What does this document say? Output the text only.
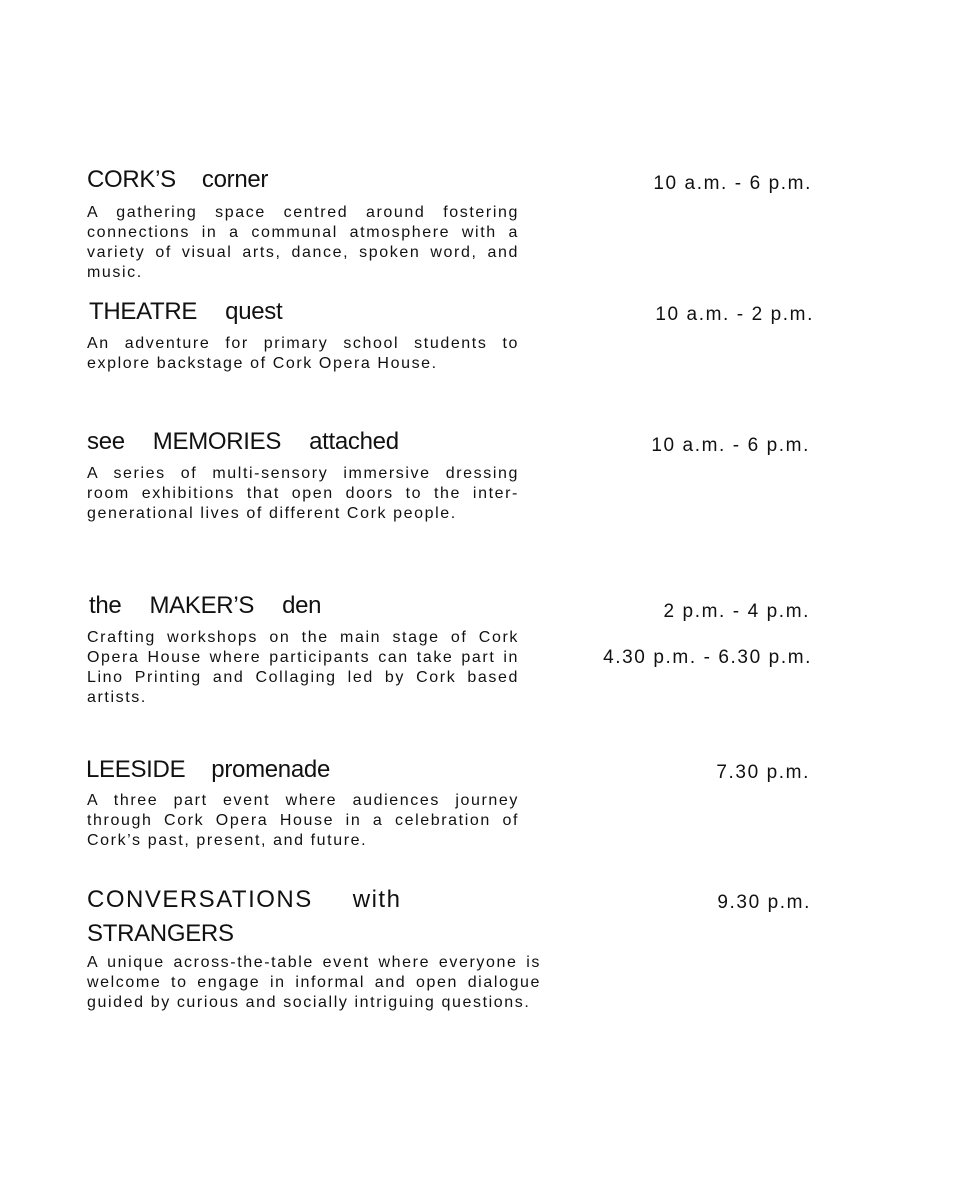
CORK’S corner

A gathering space centred around fostering connections in a communal atmosphere with a variety of visual arts, dance, spoken word, and music.

10 a.m. - 6 p.m.
THEATRE quest

An adventure for primary school students to explore backstage of Cork Opera House.

10 a.m. - 2 p.m.
see MEMORIES attached

A series of multi-sensory immersive dressing room exhibitions that open doors to the inter-generational lives of different Cork people.

10 a.m. - 6 p.m.
the MAKER’S den

Crafting workshops on the main stage of Cork Opera House where participants can take part in Lino Printing and Collaging led by Cork based artists.

2 p.m. - 4 p.m.
4.30 p.m. - 6.30 p.m.
LEESIDE promenade

A three part event where audiences journey through Cork Opera House in a celebration of Cork’s past, present, and future.

7.30 p.m.
CONVERSATIONS with
STRANGERS

A unique across-the-table event where everyone is welcome to engage in informal and open dialogue guided by curious and socially intriguing questions.

9.30 p.m.
